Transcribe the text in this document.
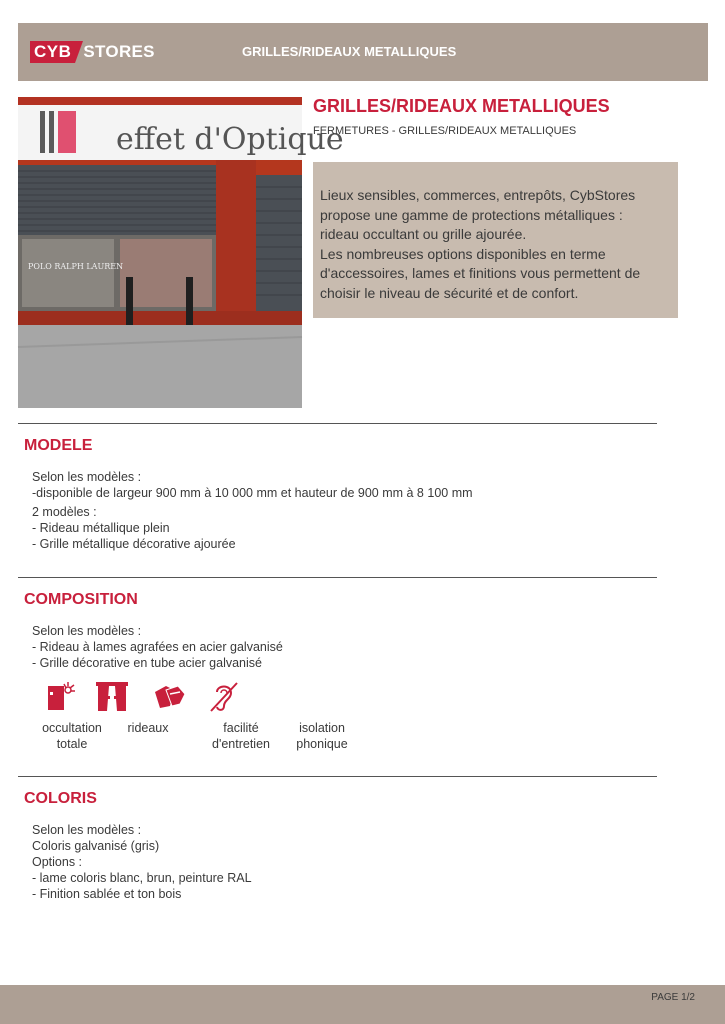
CYB STORES	GRILLES/RIDEAUX METALLIQUES
effet d'Optique
POLO RALPH LAUREN
GRILLES/RIDEAUX METALLIQUES
FERMETURES - GRILLES/RIDEAUX METALLIQUES

Lieux sensibles, commerces, entrepôts, CybStores

propose une gamme de protections métalliques :

rideau occultant ou grille ajourée.

Les nombreuses options disponibles en terme

d'accessoires, lames et finitions vous permettent de

choisir le niveau de sécurité et de confort.

MODELE
Selon les modèles :
-disponible de largeur 900 mm à 10 000 mm et hauteur de 900 mm à 8 100 mm
2 modèles :
- Rideau métallique plein
- Grille métallique décorative ajourée
COMPOSITION
Selon les modèles :
- Rideau à lames agrafées en acier galvanisé
- Grille décorative en tube acier galvanisé
occultation
totale
rideaux	facilité
d'entretien
isolation
phonique
COLORIS
Selon les modèles :
Coloris galvanisé (gris)
Options :
- lame coloris blanc, brun, peinture RAL
- Finition sablée et ton bois
PAGE 1/2
